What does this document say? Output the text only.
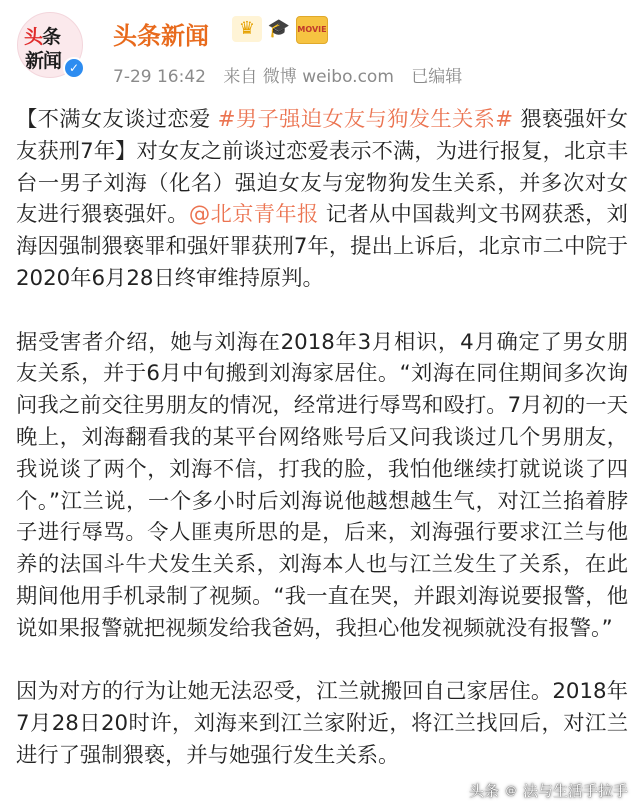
头条
新闻 ✓
头条新闻	♛ 🎓 MOVIE
7-29 16:42 来自 微博 weibo.com 已编辑

【不满女友谈过恋爱 #男子强迫女友与狗发生关系# 猥亵强奸女友获刑7年】对女友之前谈过恋爱表示不满，为进行报复，北京丰台一男子刘海（化名）强迫女友与宠物狗发生关系，并多次对女友进行猥亵强奸。@北京青年报 记者从中国裁判文书网获悉，刘海因强制猥亵罪和强奸罪获刑7年，提出上诉后，北京市二中院于2020年6月28日终审维持原判。

据受害者介绍，她与刘海在2018年3月相识，4月确定了男女朋友关系，并于6月中旬搬到刘海家居住。“刘海在同住期间多次询问我之前交往男朋友的情况，经常进行辱骂和殴打。7月初的一天晚上，刘海翻看我的某平台网络账号后又问我谈过几个男朋友，我说谈了两个，刘海不信，打我的脸，我怕他继续打就说谈了四个。”江兰说，一个多小时后刘海说他越想越生气，对江兰掐着脖子进行辱骂。令人匪夷所思的是，后来，刘海强行要求江兰与他养的法国斗牛犬发生关系，刘海本人也与江兰发生了关系，在此期间他用手机录制了视频。“我一直在哭，并跟刘海说要报警，他说如果报警就把视频发给我爸妈，我担心他发视频就没有报警。”

因为对方的行为让她无法忍受，江兰就搬回自己家居住。2018年7月28日20时许，刘海来到江兰家附近，将江兰找回后，对江兰进行了强制猥亵，并与她强行发生关系。

头条 @ 法与生活手拉手
